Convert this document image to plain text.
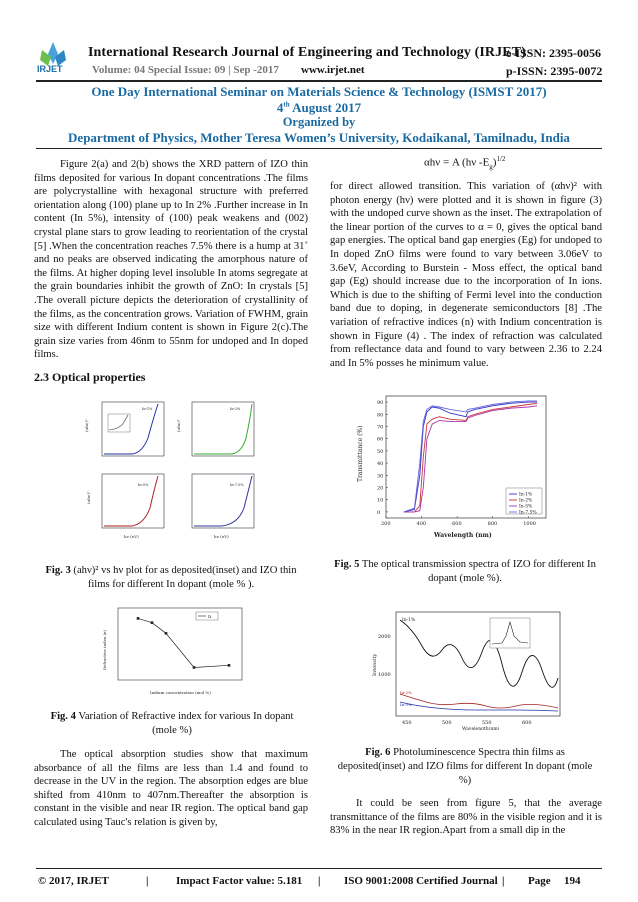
IRJET
International Research Journal of Engineering and Technology (IRJET)
e-ISSN: 2395-0056
Volume: 04 Special Issue: 09 | Sep -2017 www.irjet.net	p-ISSN: 2395-0072
One Day International Seminar on Materials Science & Technology (ISMST 2017)
4th August 2017
Organized by
Department of Physics, Mother Teresa Women’s University, Kodaikanal, Tamilnadu, India

Figure 2(a) and 2(b) shows the XRD pattern of IZO thin films deposited for various In dopant concentrations .The films are polycrystalline with hexagonal structure with preferred orientation along (100) plane up to In 2% .Further increase in In content (In 5%), intensity of (100) peak weakens and (002) crystal plane stars to grow leading to reorientation of the crystal [5] .When the concentration reaches 7.5% there is a hump at 31˚ and no peaks are observed indicating the amorphous nature of the films. At higher doping level insoluble In atoms segregate at the grain boundaries inhibit the growth of ZnO: In crystals [5] .The overall picture depicts the deterioration of crystallinity of the films, as the concentration grows. Variation of FWHM, grain size with different Indium content is shown in Figure 2(c).The grain size varies from 46nm to 55nm for undoped and In doped films.

2.3 Optical properties
In-1%
(αhν)²
In-2%
(αhν)²
In-5%
(αhν)²
hν (eV)
In-7.5%
hν (eV)
Fig. 3 (ahν)² vs hν plot for as deposited(inset) and IZO thin films for different In dopant (mole % ).
n
Refractive index (n)
Indium concentration (mol %)
Fig. 4 Variation of Refractive index for various In dopant (mole %)

The optical absorption studies show that maximum absorbance of all the films are less than 1.4 and found to decrease in the UV in the region. The absorption edges are blue shifted from 410nm to 407nm.Thereafter the absorption is constant in the visible and near IR region. The optical band gap calculated using Tauc's relation is given by,

αhν = A (hν $-E_g)^{1/2}$

for direct allowed transition. This variation of (αhν)² with photon energy (hν) were plotted and it is shown in figure (3) with the undoped curve shown as the inset. The extrapolation of the linear portion of the curves to α = 0, gives the optical band gap energies. The optical band gap energies (Eg) for undoped to In doped ZnO films were found to vary between 3.06eV to 3.6eV, According to Burstein - Moss effect, the optical band gap (Eg) should increase due to the incorporation of In ions. Which is due to the shifting of Fermi level into the conduction band due to doping, in degenerate semiconductors [8] .The variation of refractive indices (n) with Indium concentration is shown in Figure (4) . The index of refraction was calculated from reflectance data and found to vary between 2.36 to 2.24 and In 5% posses he minimum value.

200	400	600	800	1000
0
10
20
30
40
50
60
70
80
90
In-1%
In-2%
In-5%
In-7.5%
Transmittance (%)
Wavelength (nm)
Fig. 5 The optical transmission spectra of IZO for different In dopant (mole %).
Intensity
2000
1000
In-1%
In-2%
In-5%
450	500	550	600
Wavelength(nm)
Fig. 6 Photoluminescence Spectra thin films as deposited(inset) and IZO films for different In dopant (mole %)

It could be seen from figure 5, that the average transmittance of the films are 80% in the visible region and it is 83% in the near IR region.Apart from a small dip in the

© 2017, IRJET	|	Impact Factor value: 5.181 | ISO 9001:2008 Certified Journal | Page 194
